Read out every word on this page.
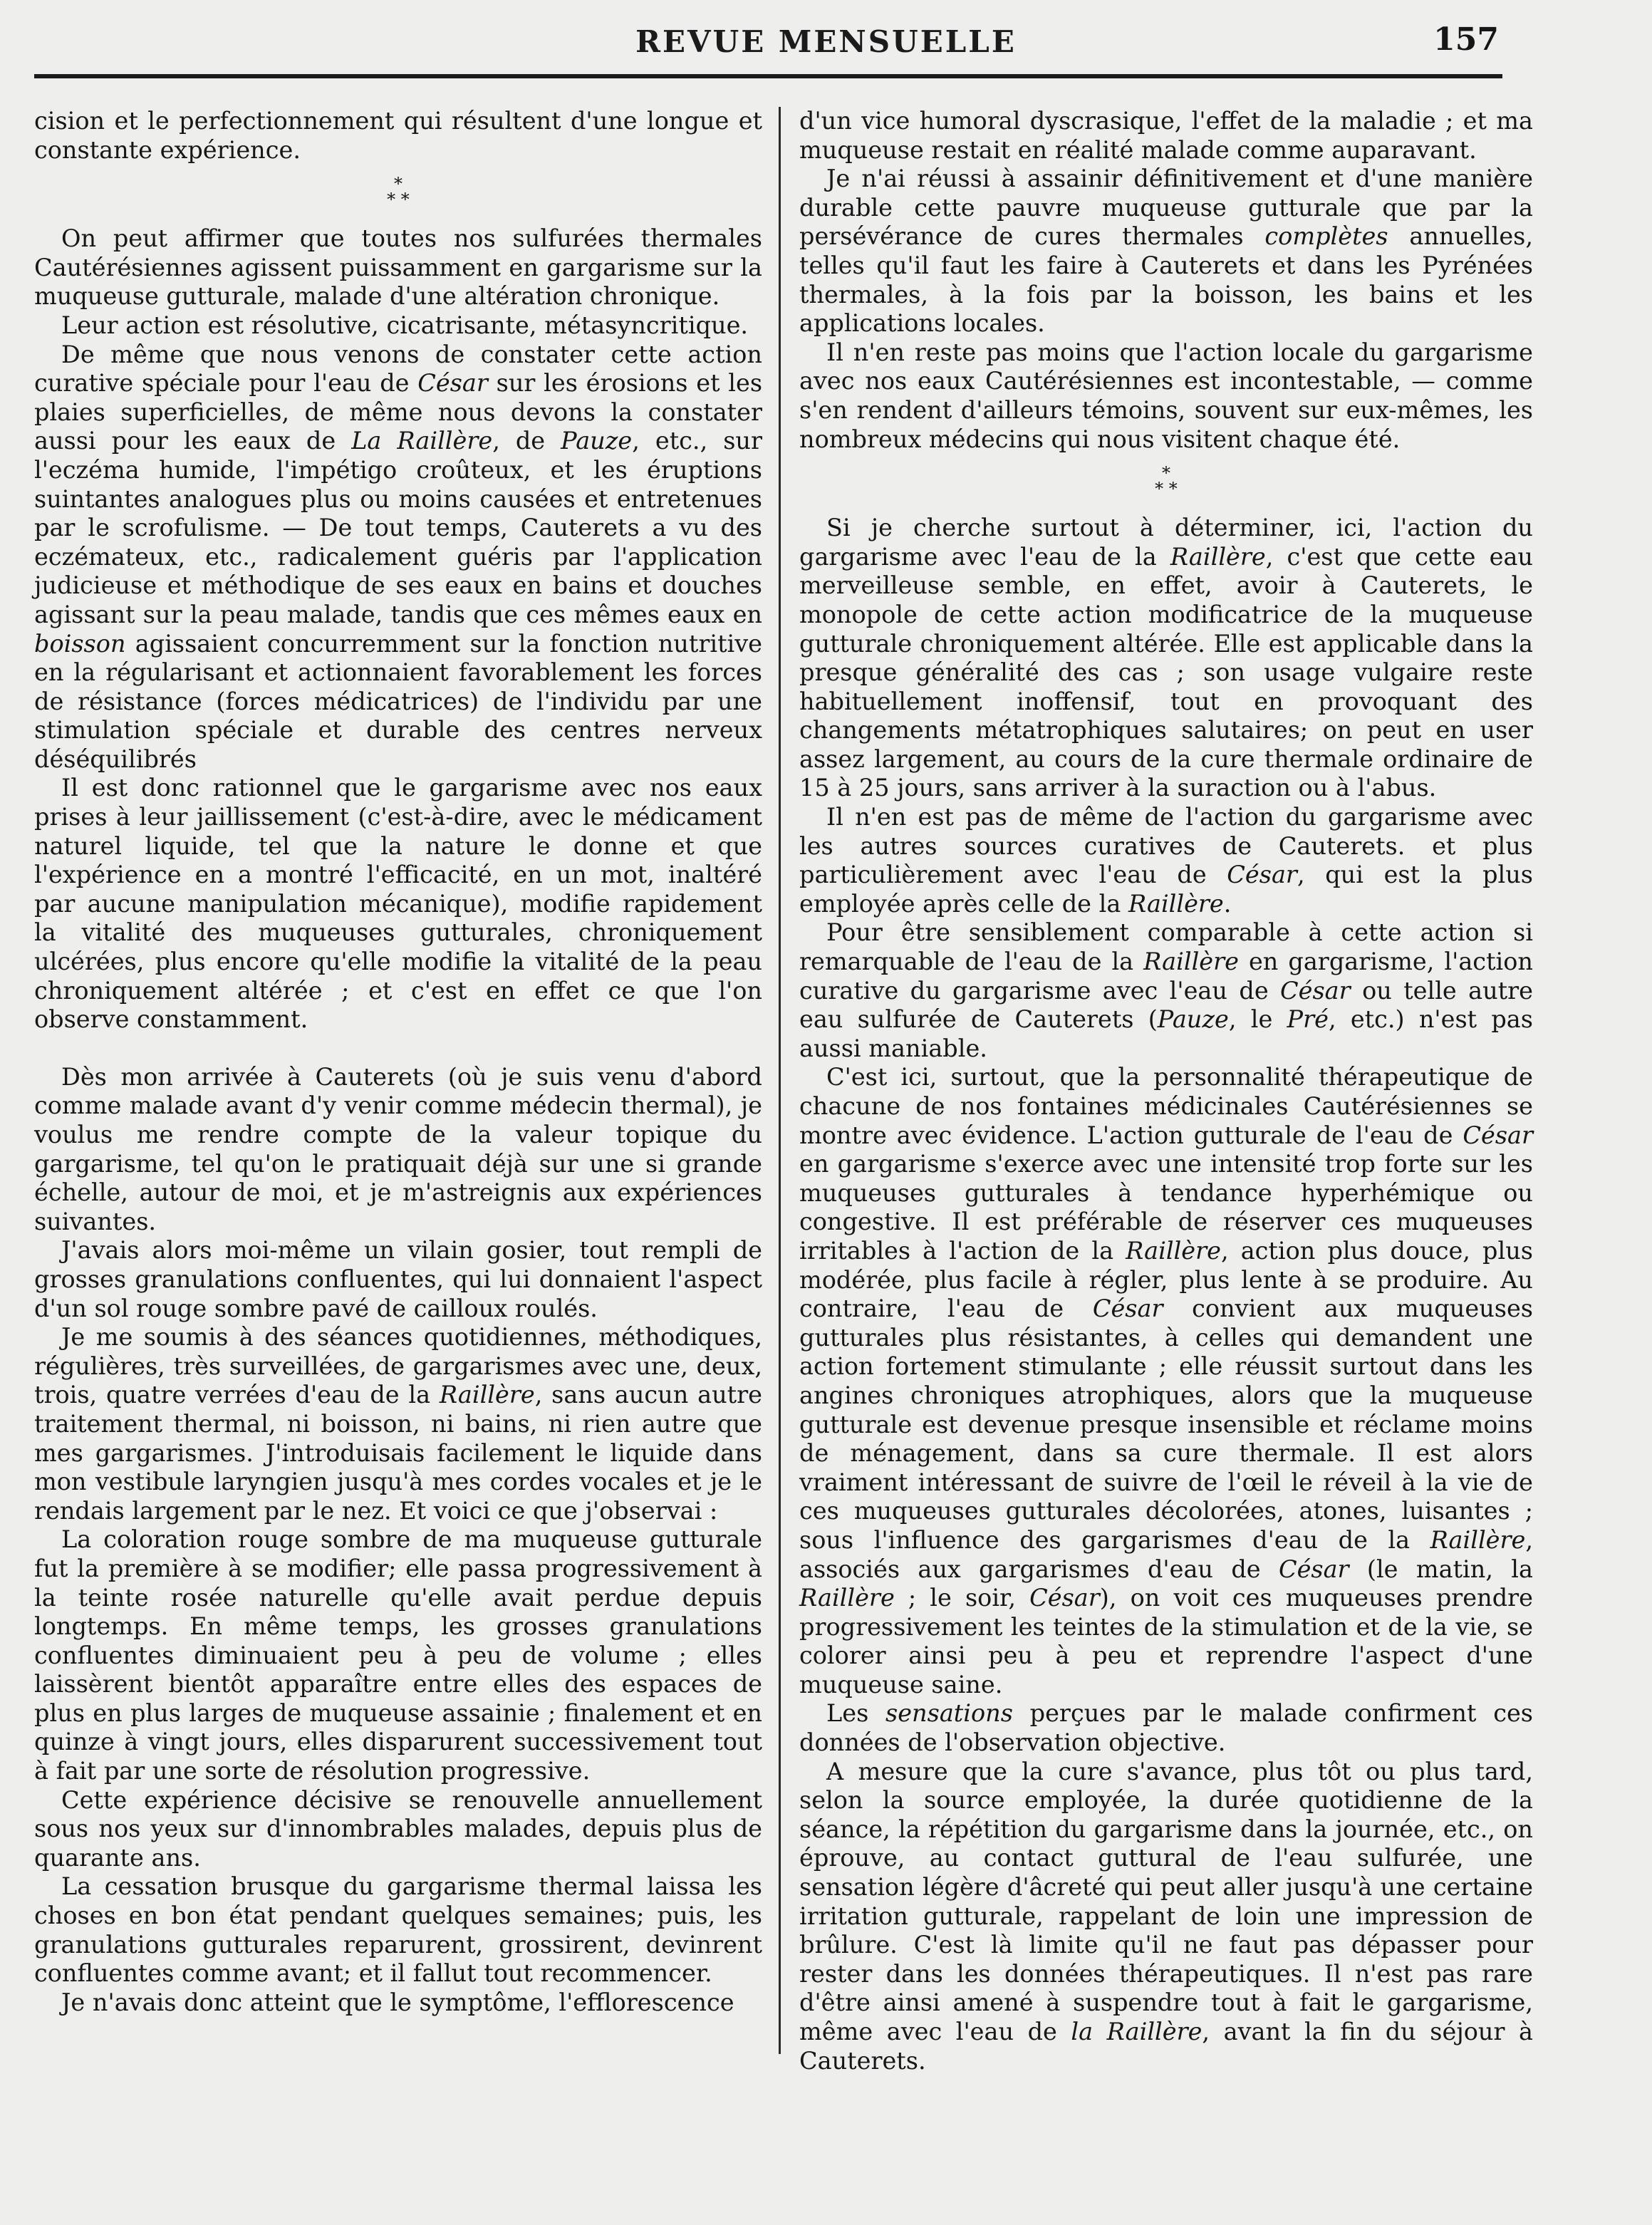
REVUE MENSUELLE	157

cision et le perfectionnement qui résultent d'une longue et constante expérience.

*
* *

On peut affirmer que toutes nos sulfurées thermales Cautérésiennes agissent puissamment en gargarisme sur la muqueuse gutturale, malade d'une altération chronique.

Leur action est résolutive, cicatrisante, métasyncritique.

De même que nous venons de constater cette action curative spéciale pour l'eau de César sur les érosions et les plaies superficielles, de même nous devons la constater aussi pour les eaux de La Raillère, de Pauze, etc., sur l'eczéma humide, l'impétigo croûteux, et les éruptions suintantes analogues plus ou moins causées et entretenues par le scrofulisme. — De tout temps, Cauterets a vu des eczémateux, etc., radicalement guéris par l'application judicieuse et méthodique de ses eaux en bains et douches agissant sur la peau malade, tandis que ces mêmes eaux en boisson agissaient concurremment sur la fonction nutritive en la régularisant et actionnaient favorablement les forces de résistance (forces médicatrices) de l'individu par une stimulation spéciale et durable des centres nerveux déséquilibrés

Il est donc rationnel que le gargarisme avec nos eaux prises à leur jaillissement (c'est-à-dire, avec le médicament naturel liquide, tel que la nature le donne et que l'expérience en a montré l'efficacité, en un mot, inaltéré par aucune manipulation mécanique), modifie rapidement la vitalité des muqueuses gutturales, chroniquement ulcérées, plus encore qu'elle modifie la vitalité de la peau chroniquement altérée ; et c'est en effet ce que l'on observe constamment.

Dès mon arrivée à Cauterets (où je suis venu d'abord comme malade avant d'y venir comme médecin thermal), je voulus me rendre compte de la valeur topique du gargarisme, tel qu'on le pratiquait déjà sur une si grande échelle, autour de moi, et je m'astreignis aux expériences suivantes.

J'avais alors moi-même un vilain gosier, tout rempli de grosses granulations confluentes, qui lui donnaient l'aspect d'un sol rouge sombre pavé de cailloux roulés.

Je me soumis à des séances quotidiennes, méthodiques, régulières, très surveillées, de gargarismes avec une, deux, trois, quatre verrées d'eau de la Raillère, sans aucun autre traitement thermal, ni boisson, ni bains, ni rien autre que mes gargarismes. J'introduisais facilement le liquide dans mon vestibule laryngien jusqu'à mes cordes vocales et je le rendais largement par le nez. Et voici ce que j'observai :

La coloration rouge sombre de ma muqueuse gutturale fut la première à se modifier; elle passa progressivement à la teinte rosée naturelle qu'elle avait perdue depuis longtemps. En même temps, les grosses granulations confluentes diminuaient peu à peu de volume ; elles laissèrent bientôt apparaître entre elles des espaces de plus en plus larges de muqueuse assainie ; finalement et en quinze à vingt jours, elles disparurent successivement tout à fait par une sorte de résolution progressive.

Cette expérience décisive se renouvelle annuellement sous nos yeux sur d'innombrables malades, depuis plus de quarante ans.

La cessation brusque du gargarisme thermal laissa les choses en bon état pendant quelques semaines; puis, les granulations gutturales reparurent, grossirent, devinrent confluentes comme avant; et il fallut tout recommencer.

Je n'avais donc atteint que le symptôme, l'efflorescence

d'un vice humoral dyscrasique, l'effet de la maladie ; et ma muqueuse restait en réalité malade comme auparavant.

Je n'ai réussi à assainir définitivement et d'une manière durable cette pauvre muqueuse gutturale que par la persévérance de cures thermales complètes annuelles, telles qu'il faut les faire à Cauterets et dans les Pyrénées thermales, à la fois par la boisson, les bains et les applications locales.

Il n'en reste pas moins que l'action locale du gargarisme avec nos eaux Cautérésiennes est incontestable, — comme s'en rendent d'ailleurs témoins, souvent sur eux-mêmes, les nombreux médecins qui nous visitent chaque été.

*
* *

Si je cherche surtout à déterminer, ici, l'action du gargarisme avec l'eau de la Raillère, c'est que cette eau merveilleuse semble, en effet, avoir à Cauterets, le monopole de cette action modificatrice de la muqueuse gutturale chroniquement altérée. Elle est applicable dans la presque généralité des cas ; son usage vulgaire reste habituellement inoffensif, tout en provoquant des changements métatrophiques salutaires; on peut en user assez largement, au cours de la cure thermale ordinaire de 15 à 25 jours, sans arriver à la suraction ou à l'abus.

Il n'en est pas de même de l'action du gargarisme avec les autres sources curatives de Cauterets. et plus particulièrement avec l'eau de César, qui est la plus employée après celle de la Raillère.

Pour être sensiblement comparable à cette action si remarquable de l'eau de la Raillère en gargarisme, l'action curative du gargarisme avec l'eau de César ou telle autre eau sulfurée de Cauterets (Pauze, le Pré, etc.) n'est pas aussi maniable.

C'est ici, surtout, que la personnalité thérapeutique de chacune de nos fontaines médicinales Cautérésiennes se montre avec évidence. L'action gutturale de l'eau de César en gargarisme s'exerce avec une intensité trop forte sur les muqueuses gutturales à tendance hyperhémique ou congestive. Il est préférable de réserver ces muqueuses irritables à l'action de la Raillère, action plus douce, plus modérée, plus facile à régler, plus lente à se produire. Au contraire, l'eau de César convient aux muqueuses gutturales plus résistantes, à celles qui demandent une action fortement stimulante ; elle réussit surtout dans les angines chroniques atrophiques, alors que la muqueuse gutturale est devenue presque insensible et réclame moins de ménagement, dans sa cure thermale. Il est alors vraiment intéressant de suivre de l'œil le réveil à la vie de ces muqueuses gutturales décolorées, atones, luisantes ; sous l'influence des gargarismes d'eau de la Raillère, associés aux gargarismes d'eau de César (le matin, la Raillère ; le soir, César), on voit ces muqueuses prendre progressivement les teintes de la stimulation et de la vie, se colorer ainsi peu à peu et reprendre l'aspect d'une muqueuse saine.

Les sensations perçues par le malade confirment ces données de l'observation objective.

A mesure que la cure s'avance, plus tôt ou plus tard, selon la source employée, la durée quotidienne de la séance, la répétition du gargarisme dans la journée, etc., on éprouve, au contact guttural de l'eau sulfurée, une sensation légère d'âcreté qui peut aller jusqu'à une certaine irritation gutturale, rappelant de loin une impression de brûlure. C'est là limite qu'il ne faut pas dépasser pour rester dans les données thérapeutiques. Il n'est pas rare d'être ainsi amené à suspendre tout à fait le gargarisme, même avec l'eau de la Raillère, avant la fin du séjour à Cauterets.
